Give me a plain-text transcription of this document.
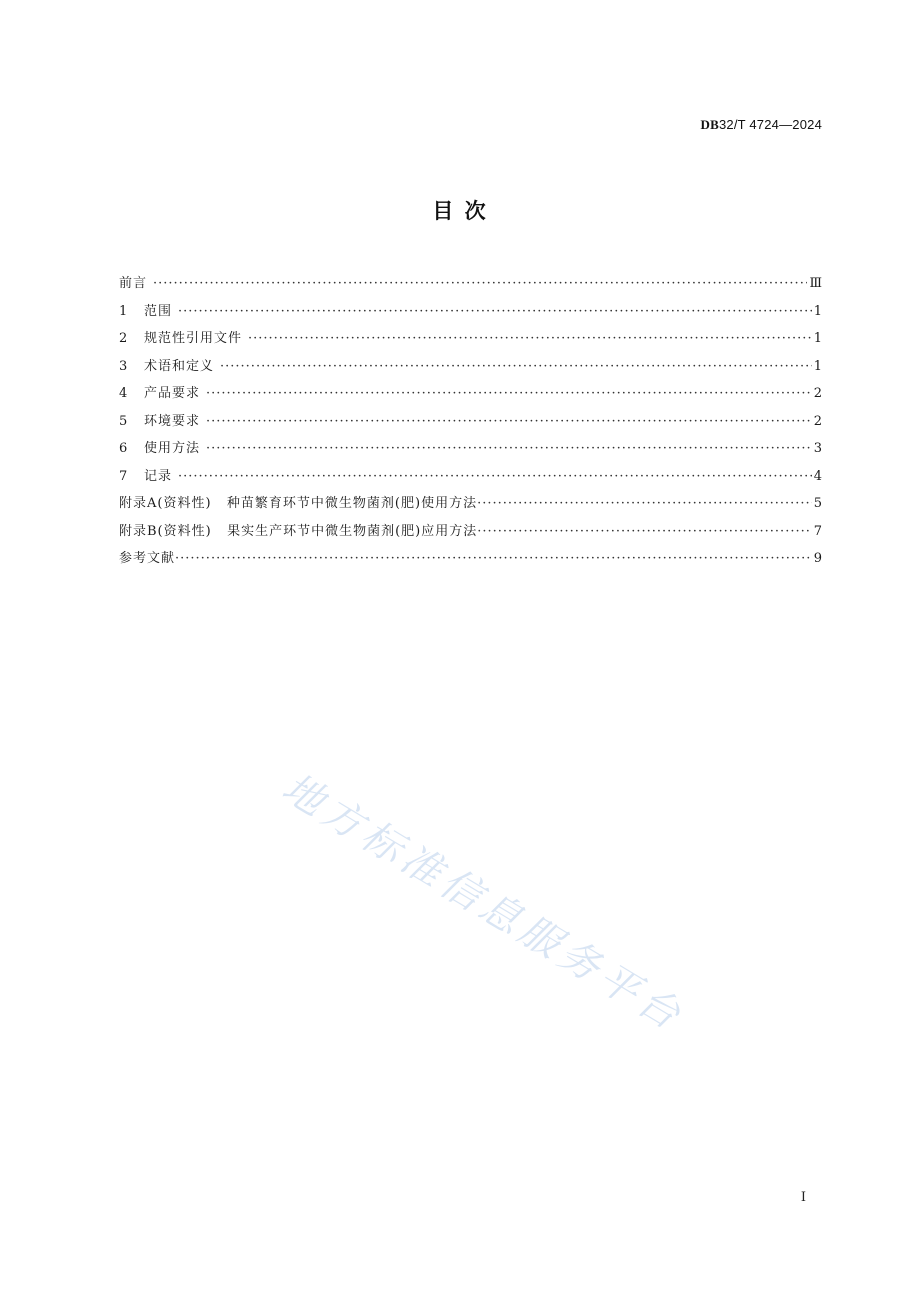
DB32/T 4724—2024
目 次
前言 ·····	Ⅲ
1	范围 ·····	1
2	规范性引用文件 ·····	1
3	术语和定义 ·····	1
4	产品要求 ·····	2
5	环境要求 ·····	2
6	使用方法 ·····	3
7	记录 ·····	4
附录A(资料性)   种苗繁育环节中微生物菌剂(肥)使用方法 ·····	5
附录B(资料性)   果实生产环节中微生物菌剂(肥)应用方法 ·····	7
参考文献 ·····	9
地方标准信息服务平台
I
